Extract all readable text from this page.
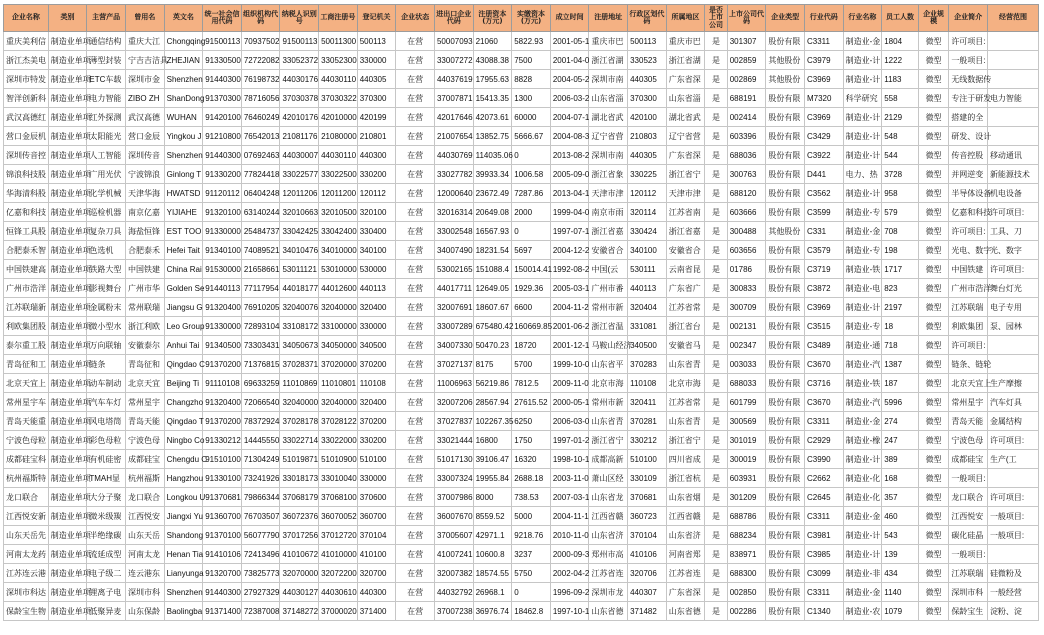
企业名称	类别	主营产品	曾用名	英文名	统一社会信用代码	组织机构代码	纳税人识别号	工商注册号	登记机关	企业状态	进出口企业代码	注册资本(万元)	实缴资本(万元)	成立时间	注册地址	行政区划代码	所属地区	是否上市公司	上市公司代码	企业类型	行业代码	行业名称	员工人数	企业规模	企业简介	经营范围
重庆美利信	制造业单项	通信结构	重庆大江	Chongqing	91500113	70937502	91500113	50011300	500113	在营	50007093	21060	5822.93	2001-05-1	重庆市巴	500113	重庆市巴	是	301307	股份有限	C3311	制造业-金	1804	微型	许可项目:	
浙江杰美电	制造业单项	薄型封装	宁吉吉洁具	ZHEJIAN	91330500	72722082	33052372	33052300	330000	在营	33007272	43088.38	7500	2001-04-0	浙江省湖	330523	浙江省湖	是	002859	其他股份	C3979	制造业-计	1222	微型	一般项目:	
深圳市特发	制造业单项	ETC车载	深圳市金	Shenzhen	91440300	76198732	44030176	44030110	440305	在营	44037619	17955.63	8828	2004-05-2	深圳市南	440305	广东省深	是	002869	其他股份	C3969	制造业-计	1183	微型	无线数据传	
智洋创新科	制造业单项	电力智能	ZIBO ZH	ShanDong	91370300	78716056	37030378	37030322	370300	在营	37007871	15413.35	1300	2006-03-2	山东省淄	370300	山东省淄	是	688191	股份有限	M7320	科学研究	558	微型	专注于研发	电力智能
武汉高德红	制造业单项	红外探测	武汉高德	WUHAN	91420100	76460249	42010176	42010000	420199	在营	42017646	42073.61	60000	2004-07-1	湖北省武	420100	湖北省武	是	002414	股份有限	C3969	制造业-计	2129	微型	搭建的全	
营口金辰机	制造业单项	太阳能光	营口金辰	Yingkou J	91210800	76542013	21081176	21080000	210801	在营	21007654	13852.75	5666.67	2004-08-3	辽宁省营	210803	辽宁省营	是	603396	股份有限	C3429	制造业-计	548	微型	研发、设计	
深圳传音控	制造业单项	人工智能	深圳传音	Shenzhen	91440300	07692463	44030007	44030110	440300	在营	44030769	114035.06	0	2013-08-2	深圳市南	440305	广东省深	是	688036	股份有限	C3922	制造业-计	544	微型	传音控股	移动通讯
锦浪科技股	制造业单项	广用光伏	宁波锦浪	Ginlong T	91330200	77824418	33022577	33022500	330200	在营	33027782	39933.34	1006.58	2005-09-0	浙江省象	330225	浙江省宁	是	300763	股份有限	D441	电力、热	3728	微型	并网逆变	新能源技术
华海清科股	制造业单项	化学机械	天津华海	HWATSD	91120112	06404248	12011206	12011200	120112	在营	12000640	23672.49	7287.86	2013-04-1	天津市津	120112	天津市津	是	688120	股份有限	C3562	制造业-计	958	微型	半导体设备	机电设备
亿嘉和科技	制造业单项	巡检机器	南京亿嘉	YIJIAHE	91320100	63140244	32010663	32010500	320100	在营	32016314	20649.08	2000	1999-04-0	南京市雨	320114	江苏省南	是	603666	股份有限	C3599	制造业-专	579	微型	亿嘉和科技	许可项目:
恒锋工具股	制造业单项	复杂刀具	海盐恒锋	EST TOO	91330000	25484737	33042425	33042400	330400	在营	33002548	16567.93	0	1997-07-1	浙江省嘉	330424	浙江省嘉	是	300488	其他股份	C331	制造业-金	708	微型	许可项目:	工具、刀
合肥泰禾智	制造业单项	色选机	合肥泰禾	Hefei Tait	91340100	74089521	34010476	34010000	340100	在营	34007490	18231.54	5697	2004-12-2	安徽省合	340100	安徽省合	是	603656	股份有限	C3579	制造业-专	198	微型	光电、数字	光、数字
中国铁建高	制造业单项	铁路大型	中国铁建	China Rai	91530000	21658661	53011121	53010000	530000	在营	53002165	151088.4	150014.41	1992-08-2	中国(云	530111	云南省昆	是	01786	股份有限	C3719	制造业-铁	1717	微型	中国铁建	许可项目:
广州市浩洋	制造业单项	影视舞台	广州市华	Golden Se	91440113	77117954	44018177	44012600	440113	在营	44017711	12649.05	1929.36	2005-03-1	广州市番	440113	广东省广	是	300833	股份有限	C3872	制造业-电	823	微型	广州市浩洋	舞台灯光
江苏联瑞新	制造业单项	金属粉末	常州联瑞	Jiangsu G	91320400	76910205	32040076	32040000	320400	在营	32007691	18607.67	6600	2004-11-2	常州市新	320404	江苏省常	是	300709	股份有限	C3969	制造业-计	2197	微型	江苏联瑞	电子专用
利欧集团股	制造业单项	微小型水	浙江利欧	Leo Group	91330000	72893104	33108172	33100000	330000	在营	33007289	675480.42	160669.85	2001-06-2	浙江省温	331081	浙江省台	是	002131	股份有限	C3515	制造业-专	18	微型	利欧集团	泵、园林
泰尔重工股	制造业单项	万向联轴	安徽泰尔	Anhui Tai	91340500	73303431	34050673	34050000	340500	在营	34007330	50470.23	18720	2001-12-1	马鞍山经济	340500	安徽省马	是	002347	股份有限	C3489	制造业-通	718	微型	许可项目:	
青岛征和工	制造业单项	链条	青岛征和	Qingdao C	91370200	71376815	37028371	37020000	370200	在营	37027137	8175	5700	1999-10-0	山东省平	370283	山东省青	是	003033	股份有限	C3670	制造业-汽	1387	微型	链条、链轮	
北京天宜上	制造业单项	动车制动	北京天宜	Beijing Ti	91110108	69633259	11010869	11010801	110108	在营	11006963	56219.86	7812.5	2009-11-0	北京市海	110108	北京市海	是	688033	股份有限	C3716	制造业-铁	187	微型	北京天宜上	生产摩擦
常州星宇车	制造业单项	汽车车灯	常州星宇	Changzho	91320400	72066540	32040000	32040000	320400	在营	32007206	28567.94	27615.52	2000-05-1	常州市新	320411	江苏省常	是	601799	股份有限	C3670	制造业-汽	5996	微型	常州星宇	汽车灯具
青岛天能重	制造业单项	风电塔筒	青岛天能	Qingdao T	91370200	78372924	37028178	37028122	370200	在营	37027837	102267.35	6250	2006-03-0	山东省青	370281	山东省青	是	300569	股份有限	C3311	制造业-金	274	微型	青岛天能	金属结构
宁波色母粒	制造业单项	彩色母粒	宁波色母	Ningbo Co	91330212	14445550	33022714	33022000	330200	在营	33021444	16800	1750	1997-01-2	浙江省宁	330212	浙江省宁	是	301019	股份有限	C2929	制造业-橡	247	微型	宁波色母	许可项目:
成都硅宝科	制造业单项	有机硅密	成都硅宝	Chengdu C	91510100	71304249	51019871	51010900	510100	在营	51017130	39106.47	16320	1998-10-1	成都高新	510100	四川省成	是	300019	股份有限	C3990	制造业-计	389	微型	成都硅宝	生产(工
杭州福斯特	制造业单项	TMAH显	杭州福斯	Hangzhou	91330100	73241926	33018173	33010040	330000	在营	33007324	19955.84	2688.18	2003-11-0	萧山区经	330109	浙江省杭	是	603931	股份有限	C2662	制造业-化	168	微型	一般项目:	
龙口联合	制造业单项	大分子聚	龙口联合	Longkou U	91370681	79866344	37068179	37068100	370600	在营	37007986	8000	738.53	2007-03-1	山东省龙	370681	山东省烟	是	301209	股份有限	C2645	制造业-化	357	微型	龙口联合	许可项目:
江西悦安新	制造业单项	微米级羰	江西悦安	Jiangxi Yu	91360700	76703507	36072376	36070052	360700	在营	36007670	8559.52	5000	2004-11-1	江西省赣	360723	江西省赣	是	688786	股份有限	C3311	制造业-金	460	微型	江西悦安	一般项目:
山东天岳先	制造业单项	半绝缘碳	山东天岳	Shandong	91370100	56077790	37017256	37012720	370104	在营	37005607	42971.1	9218.76	2010-11-0	山东省济	370104	山东省济	是	688234	股份有限	C3981	制造业-计	543	微型	碳化硅晶	一般项目:
河南太龙药	制造业单项	流延成型	河南太龙	Henan Tia	91410106	72413496	41010672	41010000	410100	在营	41007241	10600.8	3237	2000-09-3	郑州市高	410106	河南省郑	是	838971	股份有限	C3985	制造业-计	139	微型	一般项目:	
江苏连云港	制造业单项	电子级二	连云港东	Lianyunga	91320700	73825773	32070000	32072200	320700	在营	32007382	18574.55	5750	2002-04-2	江苏省连	320706	江苏省连	是	688300	股份有限	C3099	制造业-非	434	微型	江苏联瑞	硅微粉及
深圳市科达	制造业单项	锂离子电	深圳市科	Shenzhen	91440300	27927329	44030127	44030610	440300	在营	44032792	26968.1	0	1996-09-2	深圳市龙	440307	广东省深	是	002850	股份有限	C3311	制造业-金	1140	微型	深圳市科	一般经营
保龄宝生物	制造业单项	低聚异麦	山东保龄	Baolingba	91371400	72387008	37148272	37000020	371400	在营	37007238	36976.74	18462.8	1997-10-1	山东省德	371482	山东省德	是	002286	股份有限	C1340	制造业-农	1079	微型	保龄宝生	淀粉、淀
